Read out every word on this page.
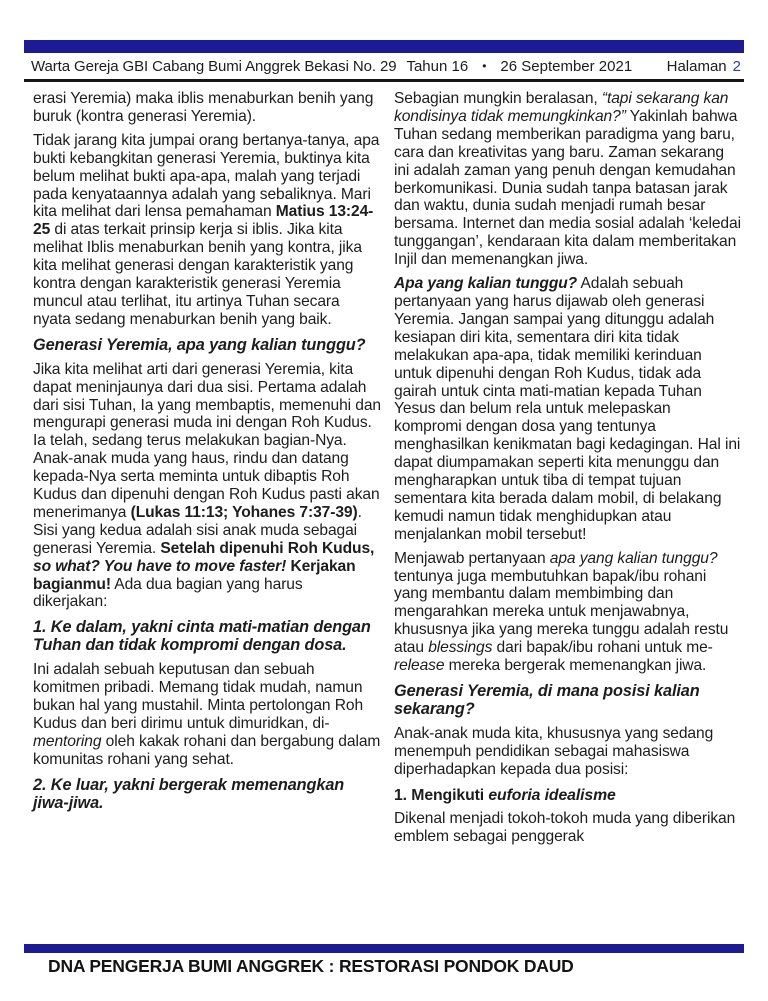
Warta Gereja GBI Cabang Bumi Anggrek Bekasi No. 29 Tahun 16 • 26 September 2021 Halaman 2

erasi Yeremia) maka iblis menaburkan benih yang buruk (kontra generasi Yeremia).

Tidak jarang kita jumpai orang bertanya-tanya, apa bukti kebangkitan generasi Yeremia, buktinya kita belum melihat bukti apa-apa, malah yang terjadi pada kenyataannya adalah yang sebaliknya. Mari kita melihat dari lensa pemahaman Matius 13:24-25 di atas terkait prinsip kerja si iblis. Jika kita melihat Iblis menaburkan benih yang kontra, jika kita melihat generasi dengan karakteristik yang kontra dengan karakteristik generasi Yeremia muncul atau terlihat, itu artinya Tuhan secara nyata sedang menaburkan benih yang baik.

Generasi Yeremia, apa yang kalian tunggu?

Jika kita melihat arti dari generasi Yeremia, kita dapat meninjaunya dari dua sisi. Pertama adalah dari sisi Tuhan, Ia yang membaptis, memenuhi dan mengurapi generasi muda ini dengan Roh Kudus. Ia telah, sedang terus melakukan bagian-Nya. Anak-anak muda yang haus, rindu dan datang kepada-Nya serta meminta untuk dibaptis Roh Kudus dan dipenuhi dengan Roh Kudus pasti akan menerimanya (Lukas 11:13; Yohanes 7:37-39). Sisi yang kedua adalah sisi anak muda sebagai generasi Yeremia. Setelah dipenuhi Roh Kudus, so what? You have to move faster! Kerjakan bagianmu! Ada dua bagian yang harus dikerjakan:

1. Ke dalam, yakni cinta mati-matian dengan Tuhan dan tidak kompromi dengan dosa.

Ini adalah sebuah keputusan dan sebuah komitmen pribadi. Memang tidak mudah, namun bukan hal yang mustahil. Minta pertolongan Roh Kudus dan beri dirimu untuk dimuridkan, di-mentoring oleh kakak rohani dan bergabung dalam komunitas rohani yang sehat.

2. Ke luar, yakni bergerak memenangkan jiwa-jiwa.

Sebagian mungkin beralasan, “tapi sekarang kan kondisinya tidak memungkinkan?” Yakinlah bahwa Tuhan sedang memberikan paradigma yang baru, cara dan kreativitas yang baru. Zaman sekarang ini adalah zaman yang penuh dengan kemudahan berkomunikasi. Dunia sudah tanpa batasan jarak dan waktu, dunia sudah menjadi rumah besar bersama. Internet dan media sosial adalah ‘keledai tunggangan’, kendaraan kita dalam memberitakan Injil dan memenangkan jiwa.

Apa yang kalian tunggu? Adalah sebuah pertanyaan yang harus dijawab oleh generasi Yeremia. Jangan sampai yang ditunggu adalah kesiapan diri kita, sementara diri kita tidak melakukan apa-apa, tidak memiliki kerinduan untuk dipenuhi dengan Roh Kudus, tidak ada gairah untuk cinta mati-matian kepada Tuhan Yesus dan belum rela untuk melepaskan kompromi dengan dosa yang tentunya menghasilkan kenikmatan bagi kedagingan. Hal ini dapat diumpamakan seperti kita menunggu dan mengharapkan untuk tiba di tempat tujuan sementara kita berada dalam mobil, di belakang kemudi namun tidak menghidupkan atau menjalankan mobil tersebut!

Menjawab pertanyaan apa yang kalian tunggu? tentunya juga membutuhkan bapak/ibu rohani yang membantu dalam membimbing dan mengarahkan mereka untuk menjawabnya, khususnya jika yang mereka tunggu adalah restu atau blessings dari bapak/ibu rohani untuk me-release mereka bergerak memenangkan jiwa.

Generasi Yeremia, di mana posisi kalian sekarang?

Anak-anak muda kita, khususnya yang sedang menempuh pendidikan sebagai mahasiswa diperhadapkan kepada dua posisi:

1. Mengikuti euforia idealisme

Dikenal menjadi tokoh-tokoh muda yang diberikan emblem sebagai penggerak

DNA PENGERJA BUMI ANGGREK : RESTORASI PONDOK DAUD
